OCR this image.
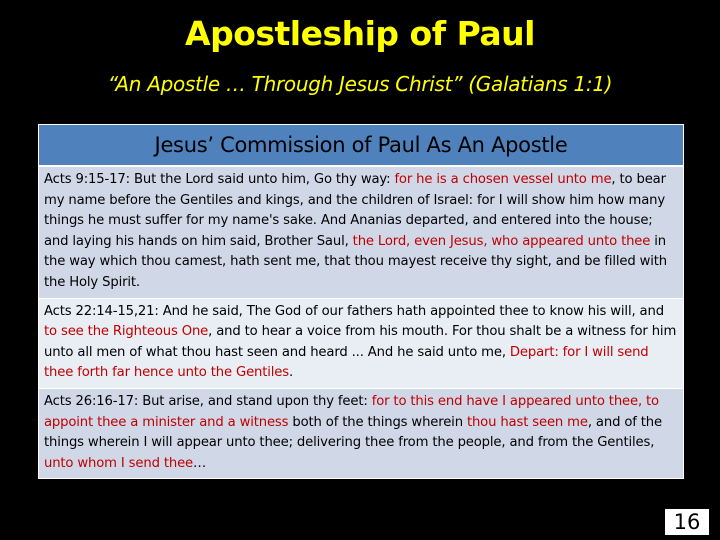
Apostleship of Paul
“An Apostle … Through Jesus Christ” (Galatians 1:1)
Jesus’ Commission of Paul As An Apostle
Acts 9:15-17: But the Lord said unto him, Go thy way: for he is a chosen vessel unto me, to bear my name before the Gentiles and kings, and the children of Israel: for I will show him how many things he must suffer for my name's sake. And Ananias departed, and entered into the house; and laying his hands on him said, Brother Saul, the Lord, even Jesus, who appeared unto thee in the way which thou camest, hath sent me, that thou mayest receive thy sight, and be filled with the Holy Spirit.
Acts 22:14-15,21: And he said, The God of our fathers hath appointed thee to know his will, and to see the Righteous One, and to hear a voice from his mouth. For thou shalt be a witness for him unto all men of what thou hast seen and heard ... And he said unto me, Depart: for I will send thee forth far hence unto the Gentiles.
Acts 26:16-17: But arise, and stand upon thy feet: for to this end have I appeared unto thee, to appoint thee a minister and a witness both of the things wherein thou hast seen me, and of the things wherein I will appear unto thee; delivering thee from the people, and from the Gentiles, unto whom I send thee…
16
